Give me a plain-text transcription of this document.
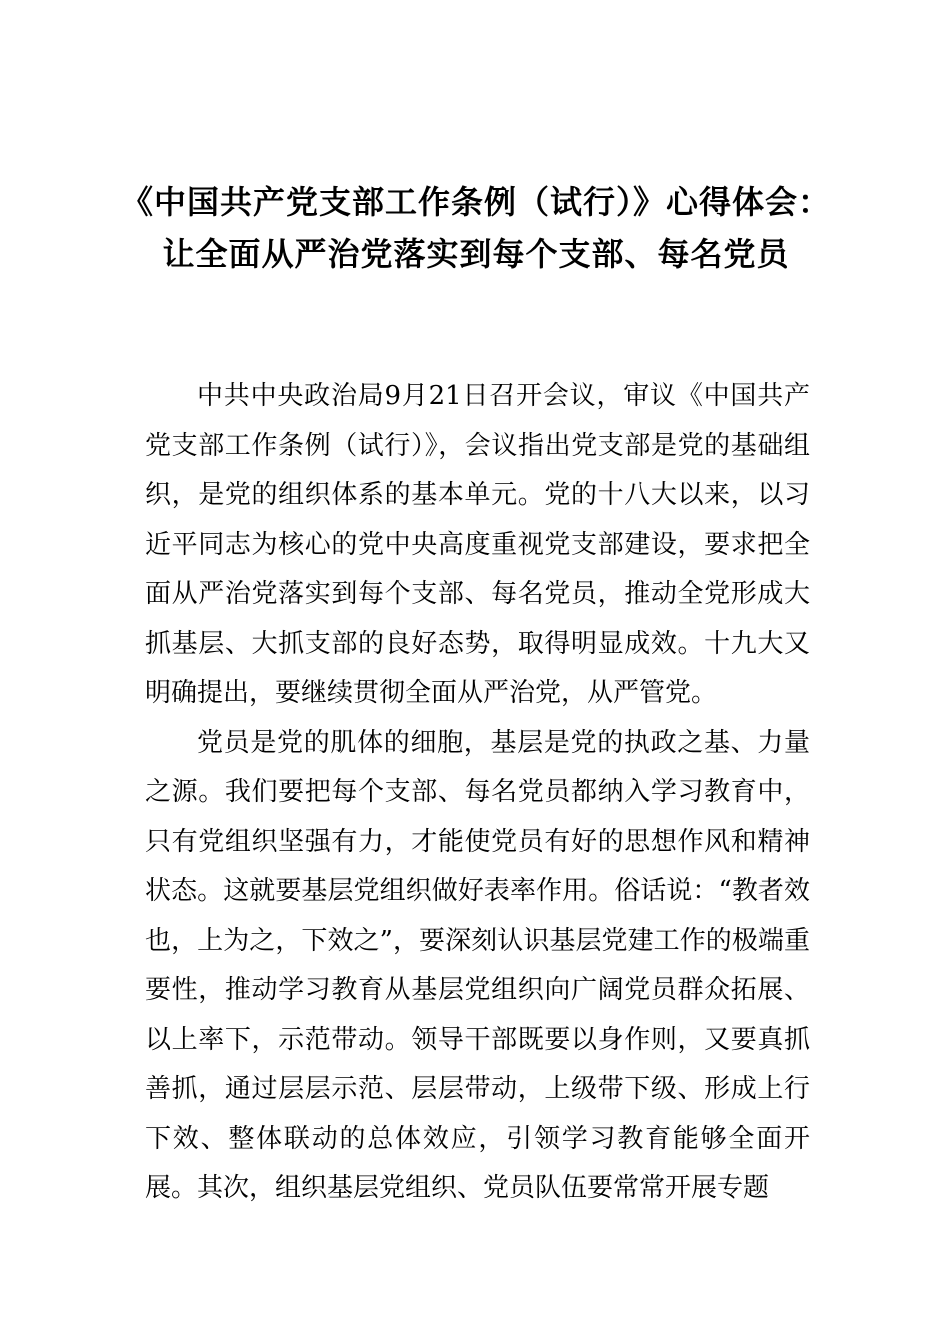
《中国共产党支部工作条例（试行）》心得体会：让全面从严治党落实到每个支部、每名党员

中共中央政治局9月21日召开会议，审议《中国共产党支部工作条例（试行）》，会议指出党支部是党的基础组织，是党的组织体系的基本单元。党的十八大以来，以习近平同志为核心的党中央高度重视党支部建设，要求把全面从严治党落实到每个支部、每名党员，推动全党形成大抓基层、大抓支部的良好态势，取得明显成效。十九大又明确提出，要继续贯彻全面从严治党，从严管党。

党员是党的肌体的细胞，基层是党的执政之基、力量之源。我们要把每个支部、每名党员都纳入学习教育中，只有党组织坚强有力，才能使党员有好的思想作风和精神状态。这就要基层党组织做好表率作用。俗话说：“教者效也，上为之，下效之”，要深刻认识基层党建工作的极端重要性，推动学习教育从基层党组织向广阔党员群众拓展、以上率下，示范带动。领导干部既要以身作则，又要真抓善抓，通过层层示范、层层带动，上级带下级、形成上行下效、整体联动的总体效应，引领学习教育能够全面开展。其次，组织基层党组织、党员队伍要常常开展专题
